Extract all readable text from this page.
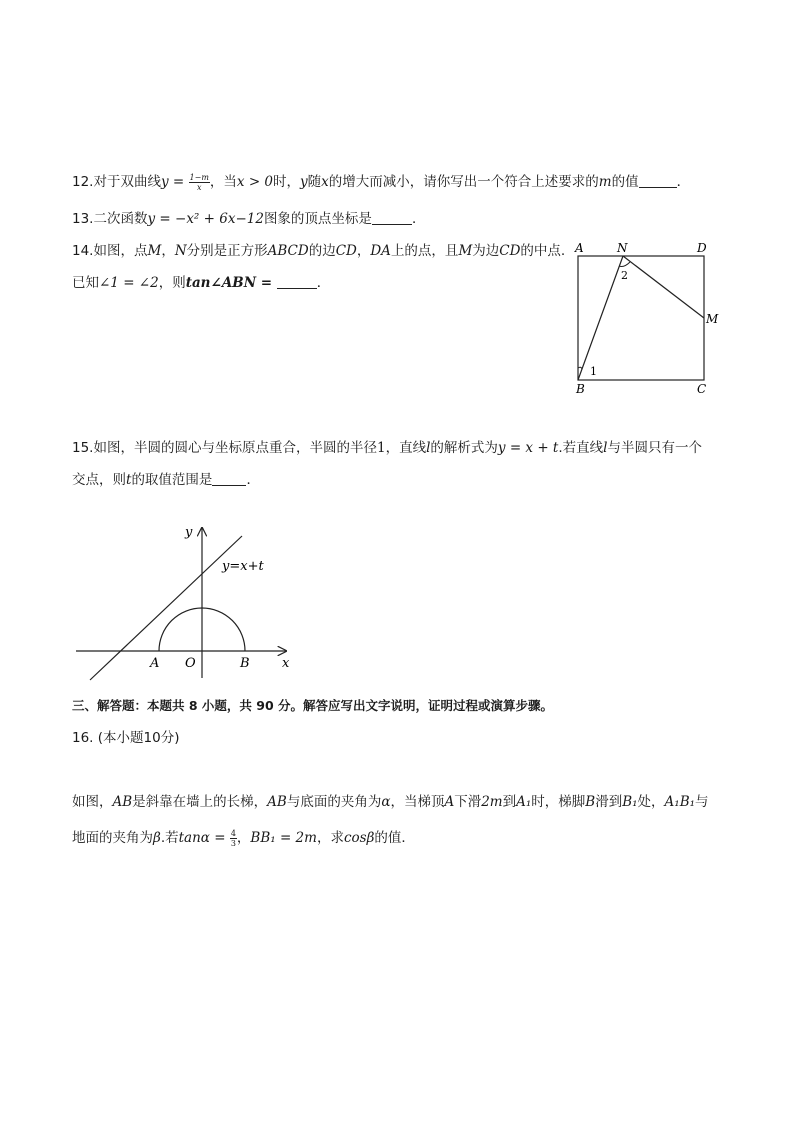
12.对于双曲线$y = \frac{1-m}{x}$ ，当x > 0时，y随x的增大而减小，请你写出一个符合上述要求的m的值	．
13.二次函数y = −x² + 6x−12图象的顶点坐标是	．
14.如图，点M，N分别是正方形ABCD的边CD，DA上的点，且M为边CD的中点.
已知∠1 = ∠2，则tan∠ABN =	．
A	N	D
M
B	C
1
2
15.如图，半圆的圆心与坐标原点重合，半圆的半径1，直线l的解析式为y = x + t.若直线l与半圆只有一个
交点，则t的取值范围是	．
y
y=x+t
A O	B x
三、解答题：本题共 8 小题，共 90 分。解答应写出文字说明，证明过程或演算步骤。
16. (本小题10分)
如图，AB是斜靠在墙上的长梯，AB与底面的夹角为α，当梯顶A下滑2m到A₁时，梯脚B滑到B₁处，A₁B₁与
地面的夹角为β.若$\tan\alpha = \frac{4}{3}$ ，BB₁ = 2m，求cosβ的值．
